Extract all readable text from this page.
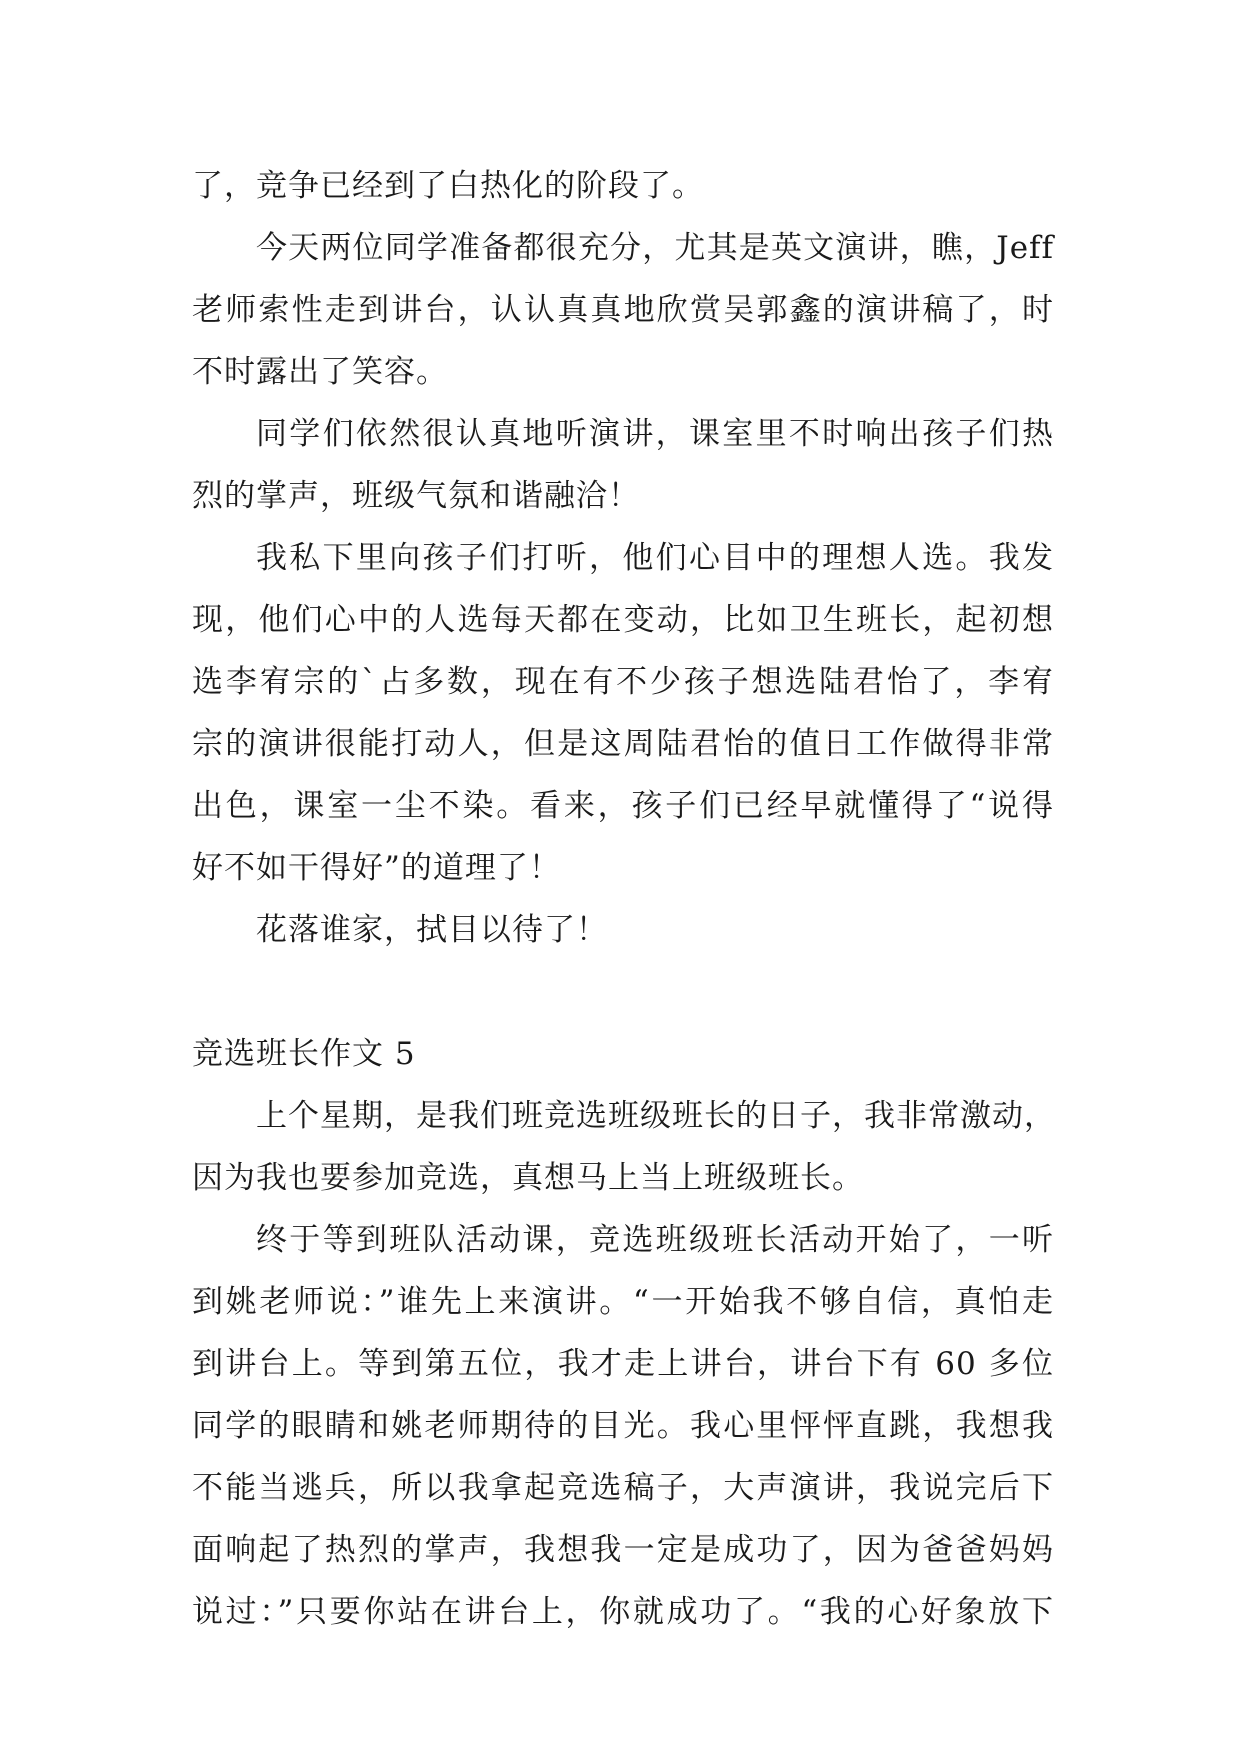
了，竞争已经到了白热化的阶段了。
今天两位同学准备都很充分，尤其是英文演讲，瞧，Jeff
老师索性走到讲台，认认真真地欣赏吴郭鑫的演讲稿了，时
不时露出了笑容。
同学们依然很认真地听演讲，课室里不时响出孩子们热
烈的掌声，班级气氛和谐融洽！
我私下里向孩子们打听，他们心目中的理想人选。我发
现，他们心中的人选每天都在变动，比如卫生班长，起初想
选李宥宗的`占多数，现在有不少孩子想选陆君怡了，李宥
宗的演讲很能打动人，但是这周陆君怡的值日工作做得非常
出色，课室一尘不染。看来，孩子们已经早就懂得了“说得
好不如干得好”的道理了！
花落谁家，拭目以待了！
竞选班长作文 5
上个星期，是我们班竞选班级班长的日子，我非常激动，
因为我也要参加竞选，真想马上当上班级班长。
终于等到班队活动课，竞选班级班长活动开始了，一听
到姚老师说：”谁先上来演讲。“一开始我不够自信，真怕走
到讲台上。等到第五位，我才走上讲台，讲台下有 60 多位
同学的眼睛和姚老师期待的目光。我心里怦怦直跳，我想我
不能当逃兵，所以我拿起竞选稿子，大声演讲，我说完后下
面响起了热烈的掌声，我想我一定是成功了，因为爸爸妈妈
说过：”只要你站在讲台上，你就成功了。“我的心好象放下
